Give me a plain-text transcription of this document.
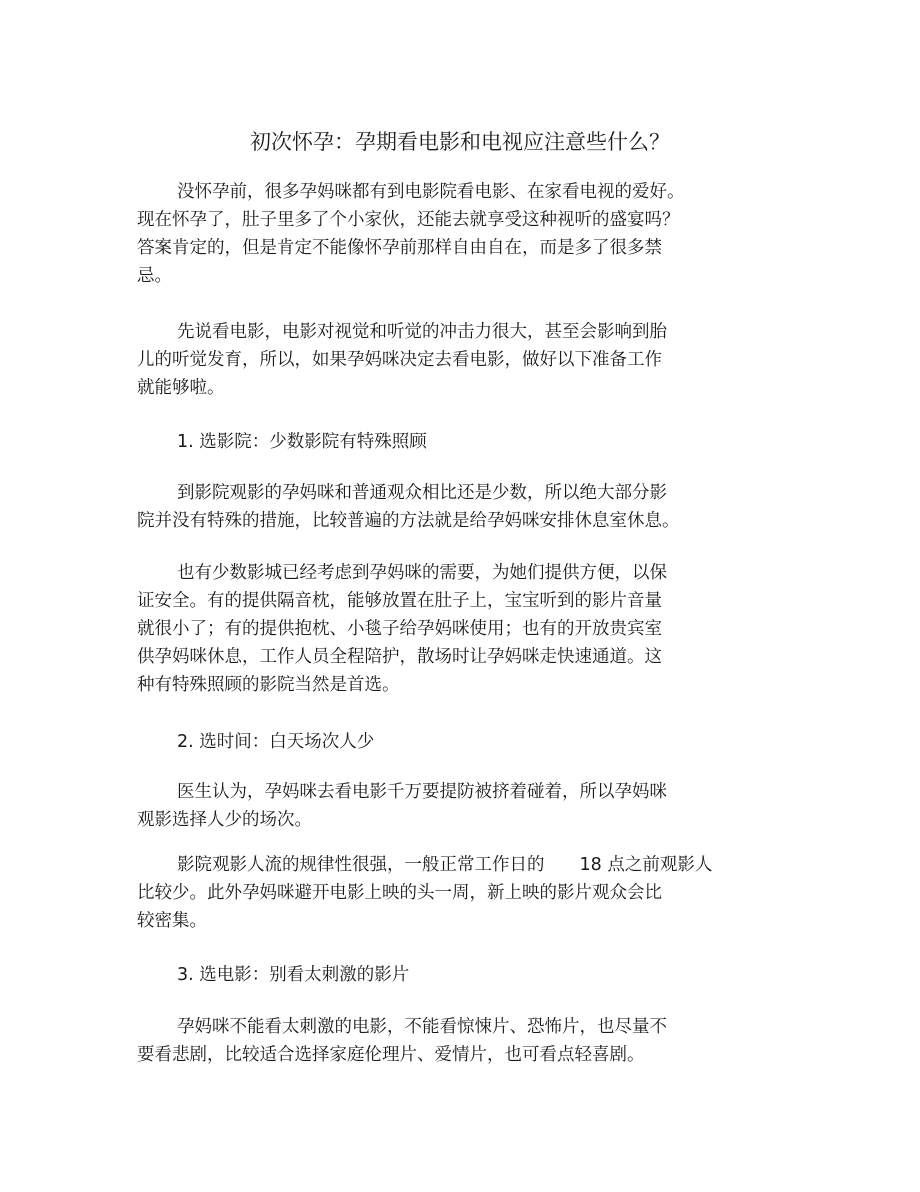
初次怀孕：孕期看电影和电视应注意些什么？
没怀孕前，很多孕妈咪都有到电影院看电影、在家看电视的爱好。
现在怀孕了，肚子里多了个小家伙，还能去就享受这种视听的盛宴吗？
答案肯定的，但是肯定不能像怀孕前那样自由自在，而是多了很多禁
忌。
先说看电影，电影对视觉和听觉的冲击力很大，甚至会影响到胎
儿的听觉发育，所以，如果孕妈咪决定去看电影，做好以下准备工作
就能够啦。
1. 选影院：少数影院有特殊照顾
到影院观影的孕妈咪和普通观众相比还是少数，所以绝大部分影
院并没有特殊的措施，比较普遍的方法就是给孕妈咪安排休息室休息。
也有少数影城已经考虑到孕妈咪的需要，为她们提供方便，以保
证安全。有的提供隔音枕，能够放置在肚子上，宝宝听到的影片音量
就很小了；有的提供抱枕、小毯子给孕妈咪使用；也有的开放贵宾室
供孕妈咪休息，工作人员全程陪护，散场时让孕妈咪走快速通道。这
种有特殊照顾的影院当然是首选。
2. 选时间：白天场次人少
医生认为，孕妈咪去看电影千万要提防被挤着碰着，所以孕妈咪
观影选择人少的场次。
影院观影人流的规律性很强，一般正常工作日的　　18 点之前观影人
比较少。此外孕妈咪避开电影上映的头一周，新上映的影片观众会比
较密集。
3. 选电影：别看太刺激的影片
孕妈咪不能看太刺激的电影，不能看惊悚片、恐怖片，也尽量不
要看悲剧，比较适合选择家庭伦理片、爱情片，也可看点轻喜剧。
